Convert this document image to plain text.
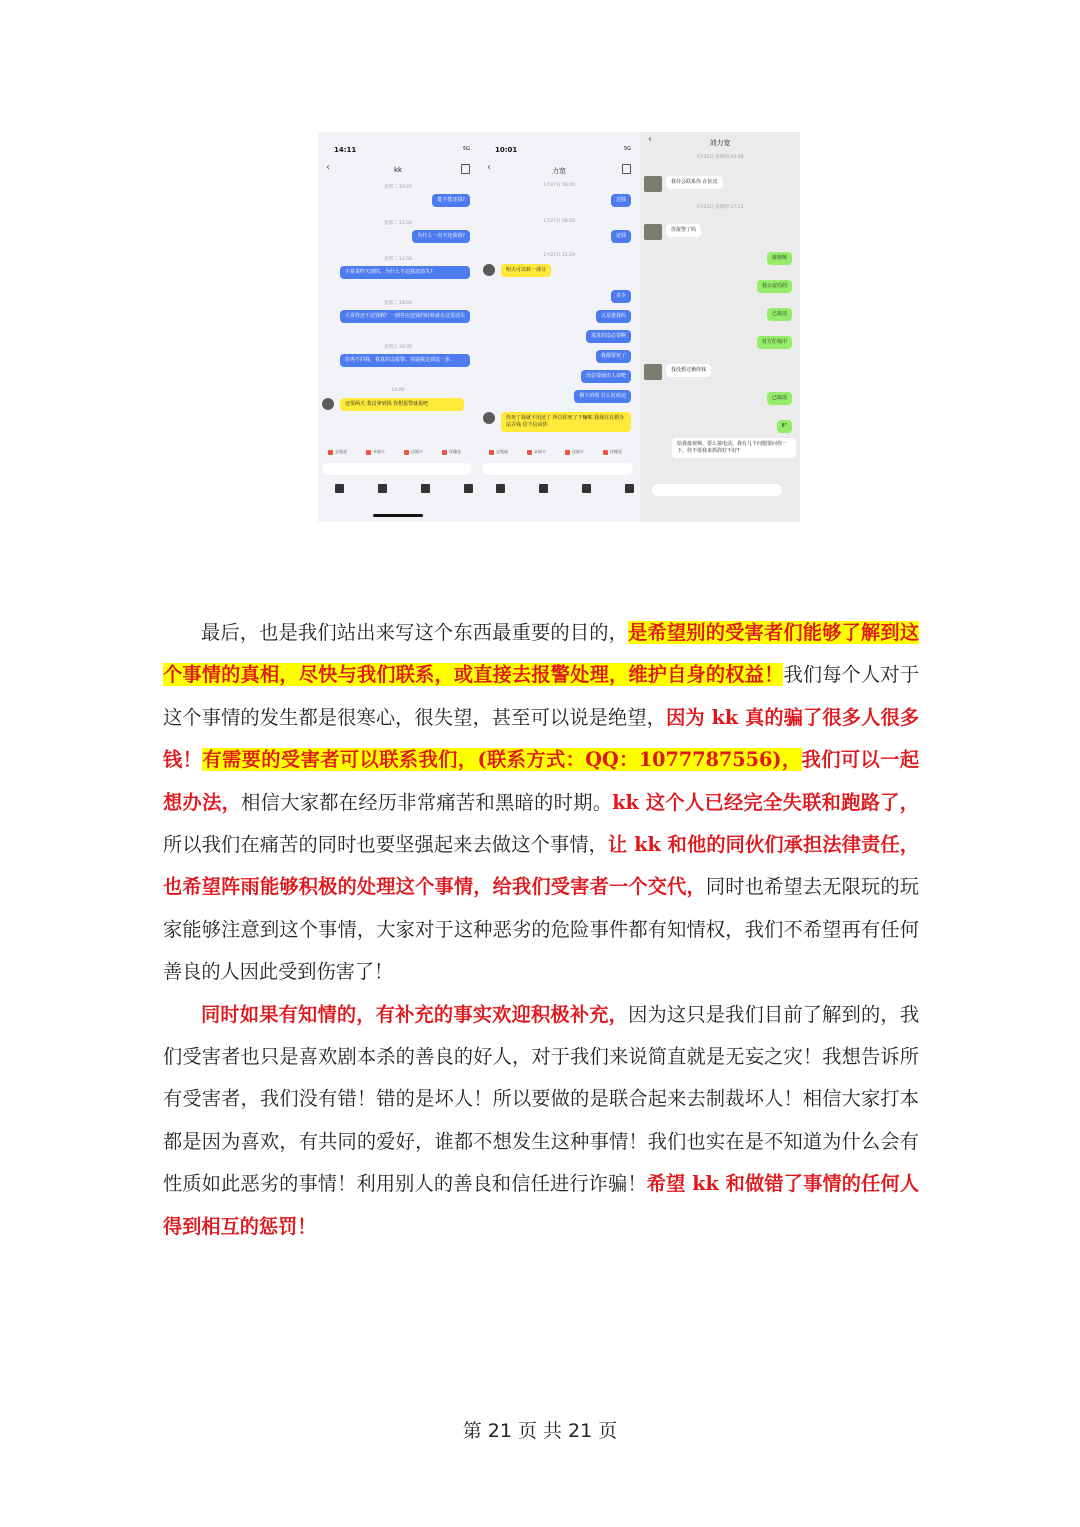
14:11	5G
‹	kk
星期二 10:22
能不能还钱?
星期二 11:34
为什么一直不还我钱?
星期二 11:56
不是说昨天到吗，为什么不还我还消失?
星期二 18:04
大哥你还不还钱啊？一到答应还钱的时候就在这里消失
星期五 20:35
你再不回我，我真的会报警。别逼我走到这一步。
14:00
还要两天 我没拿到钱 你想报警就报吧
去集福	求福卡	送福卡	玫瑰花
10:01	5G
‹	力宽
1月27日 08:46
还钱
1月27日 08:03
还钱
1月27日 12:29
明天可以转一部分
多少
又是推我吗
那真的没必要啊
我都要死了
没必要闹出人命吧
剩下的呢 什么时候还
你死了我就不用还了 所以你死了干嘛呢 我现在在想办法弄钱 信不信由你
去集福	求福卡	送福卡	玫瑰花
‹	刘力宽
1月22日 星期四 10:38
我待会联系你 在扯皮
1月23日 星期四 17:23
你报警了吗
接视频
我公安局的
已取消
对方忙线中
我没想过赖你钱
已取消
8"
给我接视频，要么接电话。我有几个问题要问你一下，你不要我来抓你好不好?

最后，也是我们站出来写这个东西最重要的目的，是希望别的受害者们能够了解到这个事情的真相，尽快与我们联系，或直接去报警处理，维护自身的权益！我们每个人对于这个事情的发生都是很寒心，很失望，甚至可以说是绝望，因为 kk 真的骗了很多人很多钱！有需要的受害者可以联系我们，(联系方式：QQ：1077787556)，我们可以一起想办法，相信大家都在经历非常痛苦和黑暗的时期。kk 这个人已经完全失联和跑路了，所以我们在痛苦的同时也要坚强起来去做这个事情，让 kk 和他的同伙们承担法律责任，也希望阵雨能够积极的处理这个事情，给我们受害者一个交代，同时也希望去无限玩的玩家能够注意到这个事情，大家对于这种恶劣的危险事件都有知情权，我们不希望再有任何善良的人因此受到伤害了！

同时如果有知情的，有补充的事实欢迎积极补充，因为这只是我们目前了解到的，我们受害者也只是喜欢剧本杀的善良的好人，对于我们来说简直就是无妄之灾！我想告诉所有受害者，我们没有错！错的是坏人！所以要做的是联合起来去制裁坏人！相信大家打本都是因为喜欢，有共同的爱好，谁都不想发生这种事情！我们也实在是不知道为什么会有性质如此恶劣的事情！利用别人的善良和信任进行诈骗！希望 kk 和做错了事情的任何人得到相互的惩罚！

第 21 页 共 21 页
